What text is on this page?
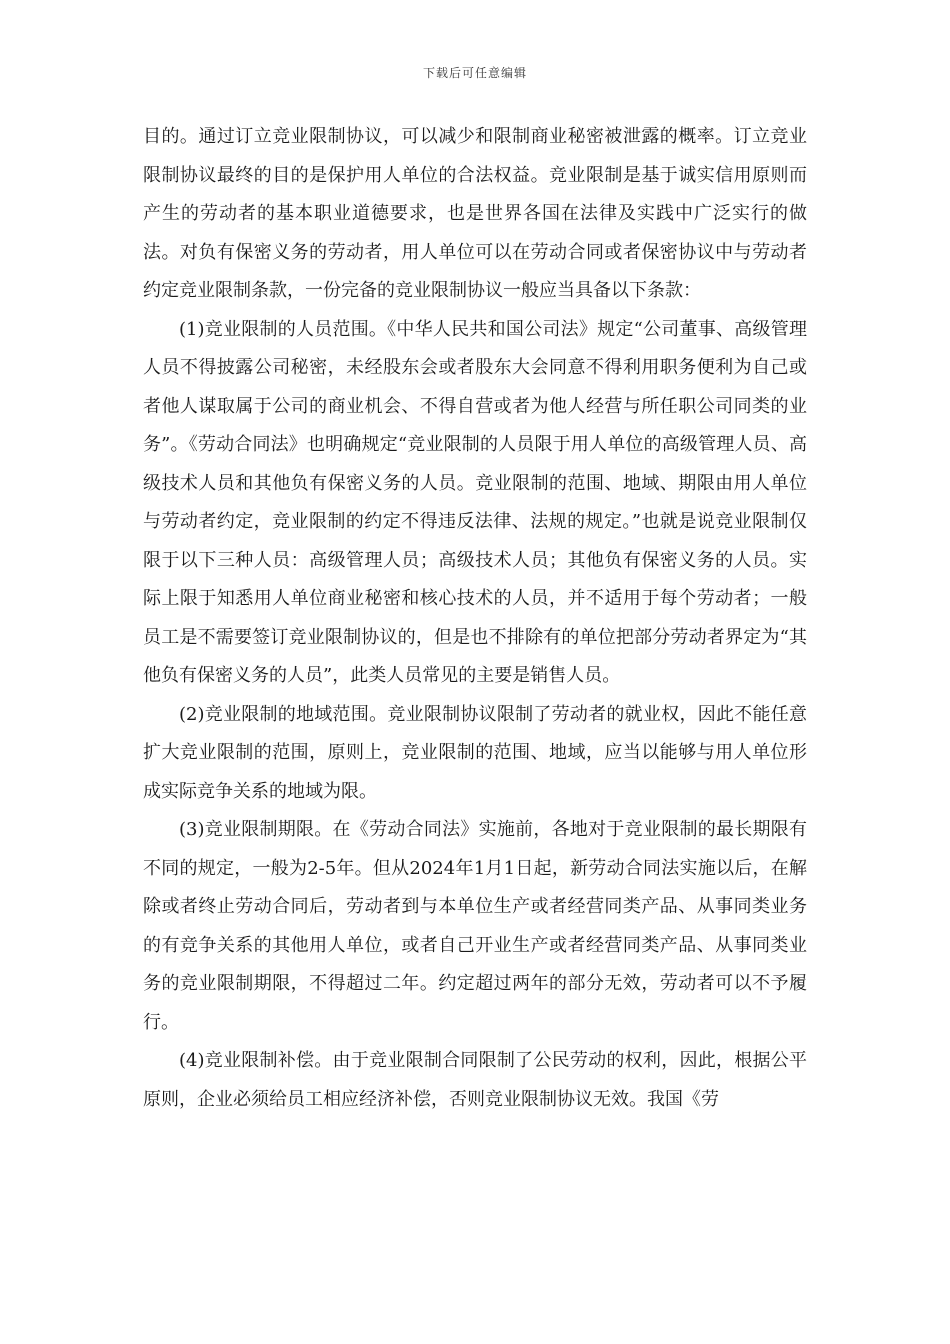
下载后可任意编辑

目的。通过订立竞业限制协议，可以减少和限制商业秘密被泄露的概率。订立竞业限制协议最终的目的是保护用人单位的合法权益。竞业限制是基于诚实信用原则而产生的劳动者的基本职业道德要求，也是世界各国在法律及实践中广泛实行的做法。对负有保密义务的劳动者，用人单位可以在劳动合同或者保密协议中与劳动者约定竞业限制条款，一份完备的竞业限制协议一般应当具备以下条款：

(1)竞业限制的人员范围。《中华人民共和国公司法》规定“公司董事、高级管理人员不得披露公司秘密，未经股东会或者股东大会同意不得利用职务便利为自己或者他人谋取属于公司的商业机会、不得自营或者为他人经营与所任职公司同类的业务”。《劳动合同法》也明确规定“竞业限制的人员限于用人单位的高级管理人员、高级技术人员和其他负有保密义务的人员。竞业限制的范围、地域、期限由用人单位与劳动者约定，竞业限制的约定不得违反法律、法规的规定。”也就是说竞业限制仅限于以下三种人员：高级管理人员；高级技术人员；其他负有保密义务的人员。实际上限于知悉用人单位商业秘密和核心技术的人员，并不适用于每个劳动者；一般员工是不需要签订竞业限制协议的，但是也不排除有的单位把部分劳动者界定为“其他负有保密义务的人员”，此类人员常见的主要是销售人员。

(2)竞业限制的地域范围。竞业限制协议限制了劳动者的就业权，因此不能任意扩大竞业限制的范围，原则上，竞业限制的范围、地域，应当以能够与用人单位形成实际竞争关系的地域为限。

(3)竞业限制期限。在《劳动合同法》实施前，各地对于竞业限制的最长期限有不同的规定，一般为2-5年。但从2024年1月1日起，新劳动合同法实施以后，在解除或者终止劳动合同后，劳动者到与本单位生产或者经营同类产品、从事同类业务的有竞争关系的其他用人单位，或者自己开业生产或者经营同类产品、从事同类业务的竞业限制期限，不得超过二年。约定超过两年的部分无效，劳动者可以不予履行。

(4)竞业限制补偿。由于竞业限制合同限制了公民劳动的权利，因此，根据公平原则，企业必须给员工相应经济补偿，否则竞业限制协议无效。我国《劳
